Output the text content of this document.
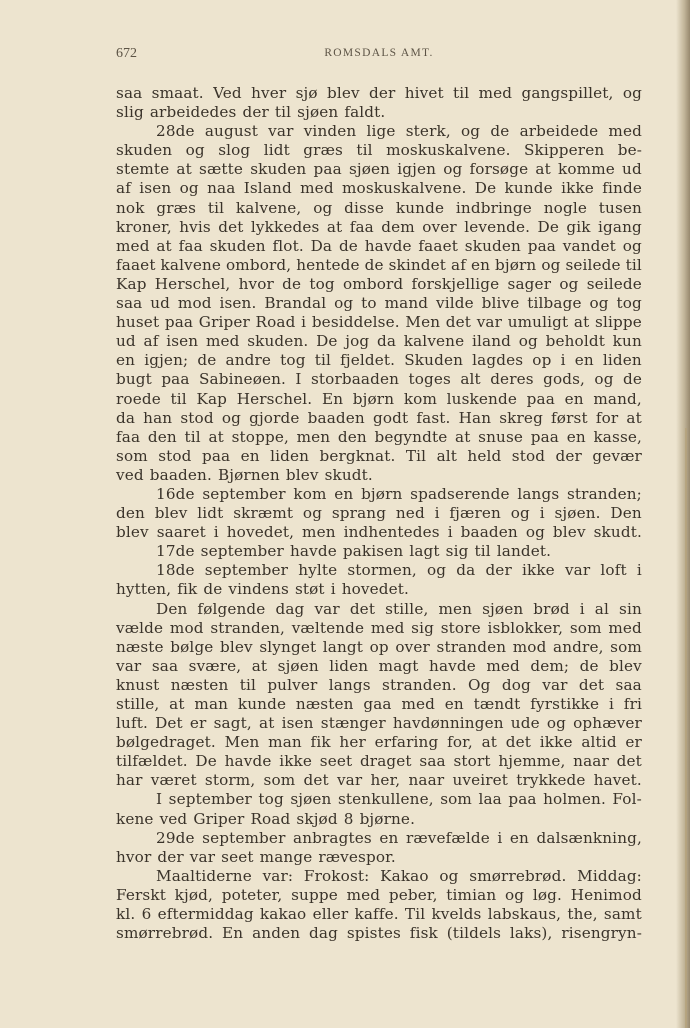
672	ROMSDALS AMT.
saa smaat. Ved hver sjø blev der hivet til med gangspillet, og
slig arbeidedes der til sjøen faldt.
28de august var vinden lige sterk, og de arbeidede med
skuden og slog lidt græs til moskuskalvene. Skipperen be-
stemte at sætte skuden paa sjøen igjen og forsøge at komme ud
af isen og naa Island med moskuskalvene. De kunde ikke finde
nok græs til kalvene, og disse kunde indbringe nogle tusen
kroner, hvis det lykkedes at faa dem over levende. De gik igang
med at faa skuden flot. Da de havde faaet skuden paa vandet og
faaet kalvene ombord, hentede de skindet af en bjørn og seilede til
Kap Herschel, hvor de tog ombord forskjellige sager og seilede
saa ud mod isen. Brandal og to mand vilde blive tilbage og tog
huset paa Griper Road i besiddelse. Men det var umuligt at slippe
ud af isen med skuden. De jog da kalvene iland og beholdt kun
en igjen; de andre tog til fjeldet. Skuden lagdes op i en liden
bugt paa Sabineøen. I storbaaden toges alt deres gods, og de
roede til Kap Herschel. En bjørn kom luskende paa en mand,
da han stod og gjorde baaden godt fast. Han skreg først for at
faa den til at stoppe, men den begyndte at snuse paa en kasse,
som stod paa en liden bergknat. Til alt held stod der gevær
ved baaden. Bjørnen blev skudt.
16de september kom en bjørn spadserende langs stranden;
den blev lidt skræmt og sprang ned i fjæren og i sjøen. Den
blev saaret i hovedet, men indhentedes i baaden og blev skudt.
17de september havde pakisen lagt sig til landet.
18de september hylte stormen, og da der ikke var loft i
hytten, fik de vindens støt i hovedet.
Den følgende dag var det stille, men sjøen brød i al sin
vælde mod stranden, væltende med sig store isblokker, som med
næste bølge blev slynget langt op over stranden mod andre, som
var saa svære, at sjøen liden magt havde med dem; de blev
knust næsten til pulver langs stranden. Og dog var det saa
stille, at man kunde næsten gaa med en tændt fyrstikke i fri
luft. Det er sagt, at isen stænger havdønningen ude og ophæver
bølgedraget. Men man fik her erfaring for, at det ikke altid er
tilfældet. De havde ikke seet draget saa stort hjemme, naar det
har været storm, som det var her, naar uveiret trykkede havet.
I september tog sjøen stenkullene, som laa paa holmen. Fol-
kene ved Griper Road skjød 8 bjørne.
29de september anbragtes en rævefælde i en dalsænkning,
hvor der var seet mange rævespor.
Maaltiderne var: Frokost: Kakao og smørrebrød. Middag:
Ferskt kjød, poteter, suppe med peber, timian og løg. Henimod
kl. 6 eftermiddag kakao eller kaffe. Til kvelds labskaus, the, samt
smørrebrød. En anden dag spistes fisk (tildels laks), risengryn-
